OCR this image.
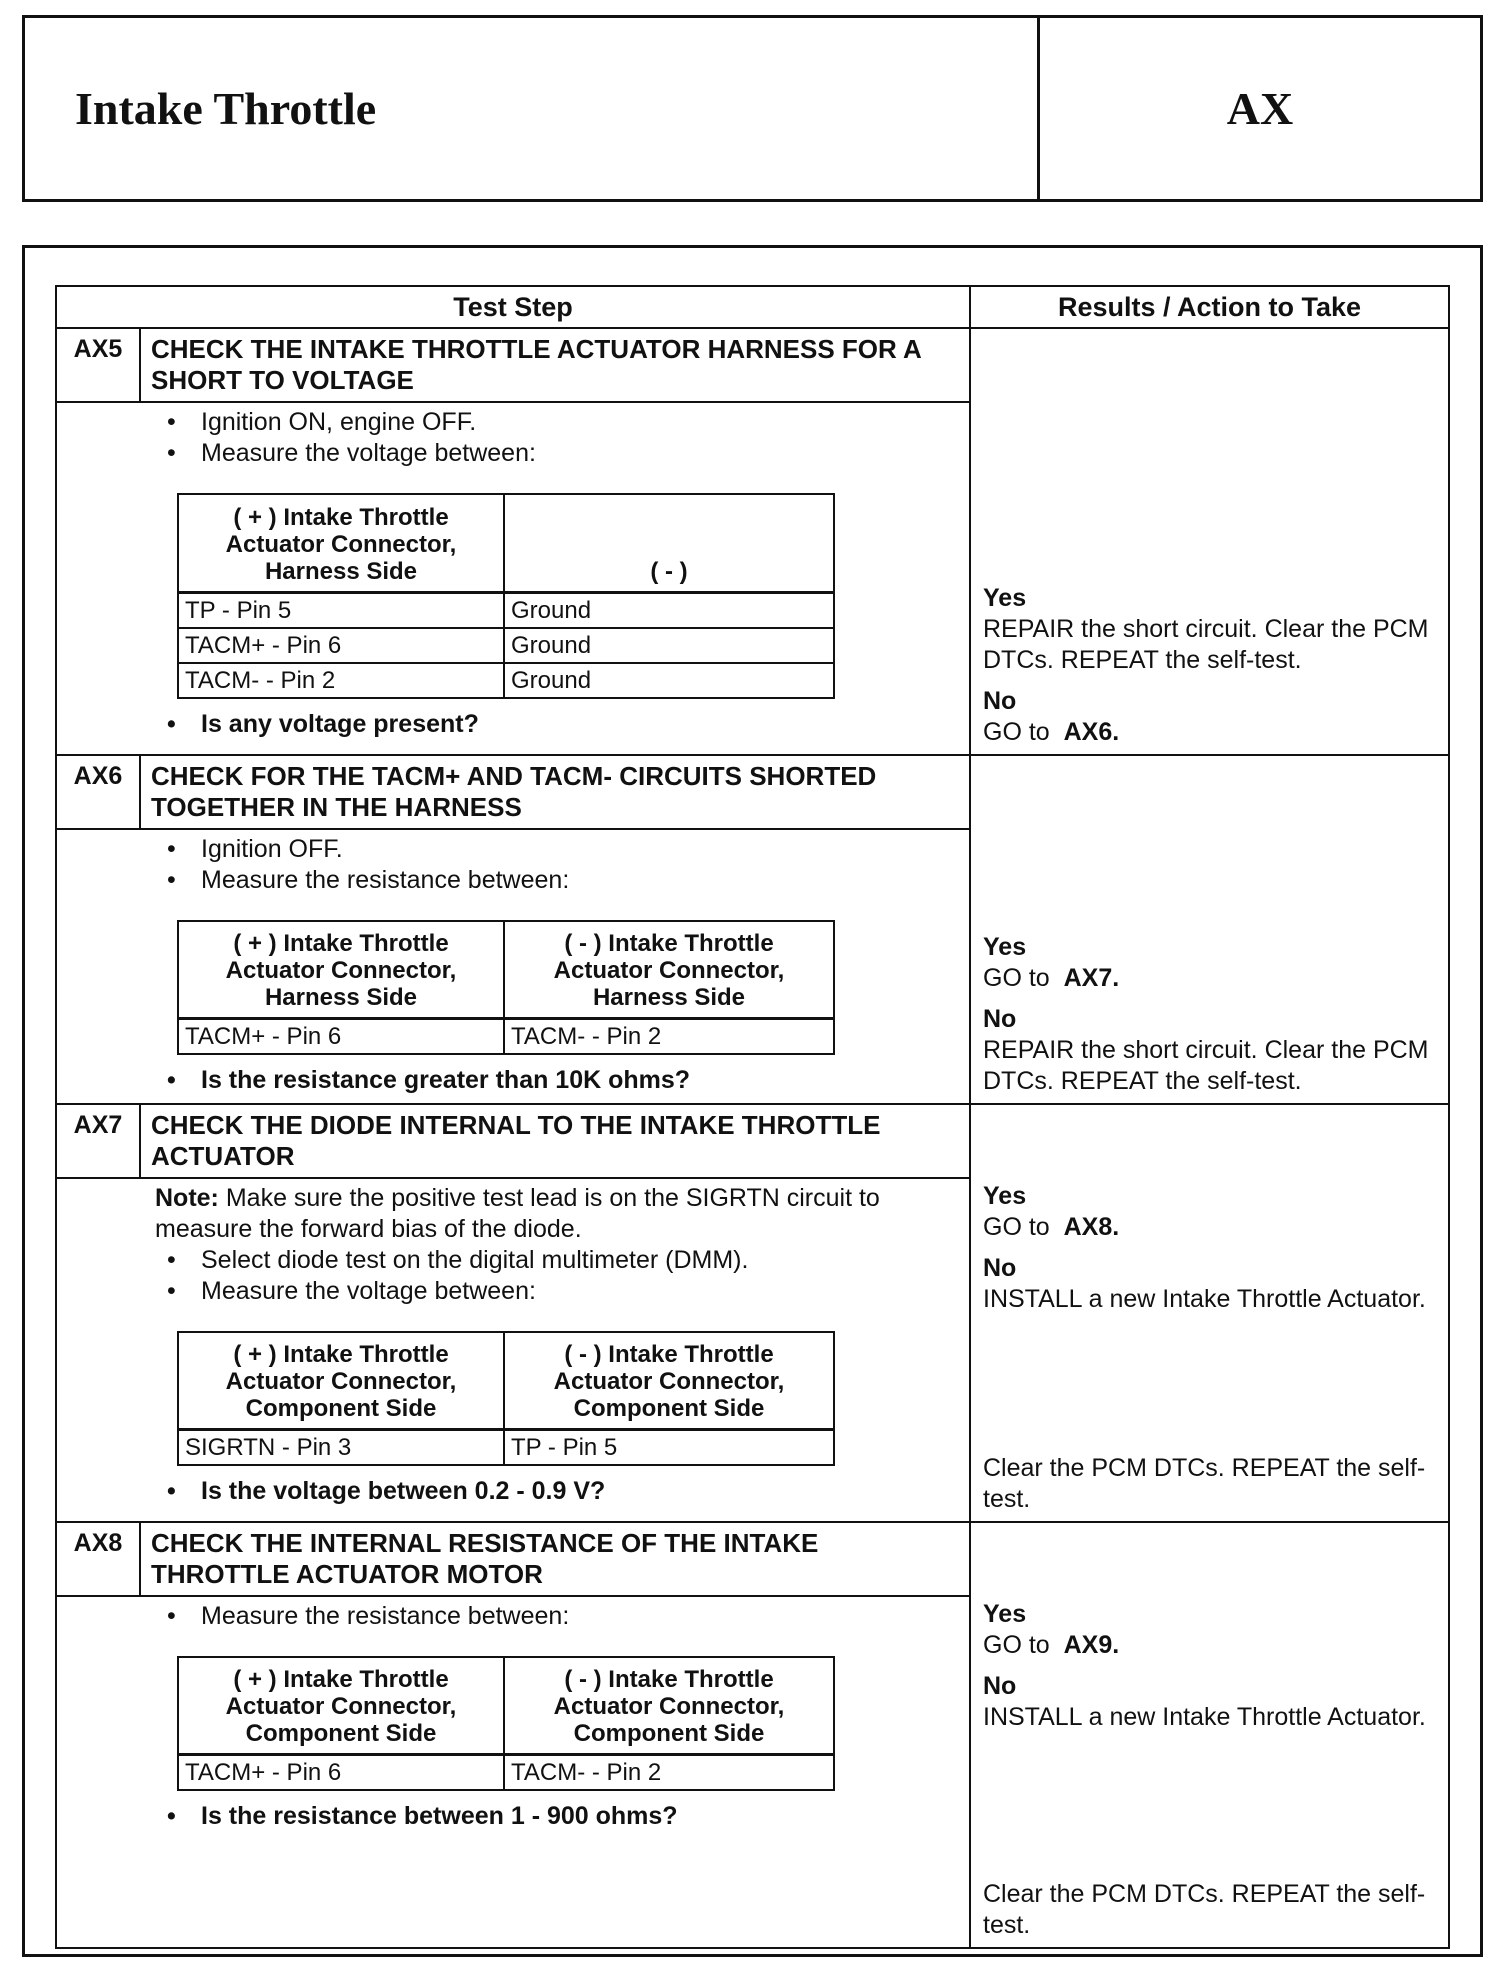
Intake Throttle	AX
Test Step	Results / Action to Take

AX5	CHECK THE INTAKE THROTTLE ACTUATOR HARNESS FOR A SHORT TO VOLTAGE
• Ignition ON, engine OFF.
• Measure the voltage between:
( + ) Intake Throttle Actuator Connector, Harness Side	( - )
TP - Pin 5	Ground
TACM+ - Pin 6	Ground
TACM- - Pin 2	Ground
• Is any voltage present?

Yes
REPAIR the short circuit. Clear the PCM DTCs. REPEAT the self-test.
No
GO to AX6.

AX6	CHECK FOR THE TACM+ AND TACM- CIRCUITS SHORTED TOGETHER IN THE HARNESS
• Ignition OFF.
• Measure the resistance between:
( + ) Intake Throttle Actuator Connector, Harness Side	( - ) Intake Throttle Actuator Connector, Harness Side
TACM+ - Pin 6	TACM- - Pin 2
• Is the resistance greater than 10K ohms?

Yes
GO to AX7.
No
REPAIR the short circuit. Clear the PCM DTCs. REPEAT the self-test.

AX7	CHECK THE DIODE INTERNAL TO THE INTAKE THROTTLE ACTUATOR
Note: Make sure the positive test lead is on the SIGRTN circuit to measure the forward bias of the diode.
• Select diode test on the digital multimeter (DMM).
• Measure the voltage between:
( + ) Intake Throttle Actuator Connector, Component Side	( - ) Intake Throttle Actuator Connector, Component Side
SIGRTN - Pin 3	TP - Pin 5
• Is the voltage between 0.2 - 0.9 V?

Yes
GO to AX8.
No
INSTALL a new Intake Throttle Actuator.
Clear the PCM DTCs. REPEAT the self-test.

AX8	CHECK THE INTERNAL RESISTANCE OF THE INTAKE THROTTLE ACTUATOR MOTOR
• Measure the resistance between:
( + ) Intake Throttle Actuator Connector, Component Side	( - ) Intake Throttle Actuator Connector, Component Side
TACM+ - Pin 6	TACM- - Pin 2
• Is the resistance between 1 - 900 ohms?

Yes
GO to AX9.
No
INSTALL a new Intake Throttle Actuator.
Clear the PCM DTCs. REPEAT the self-test.
